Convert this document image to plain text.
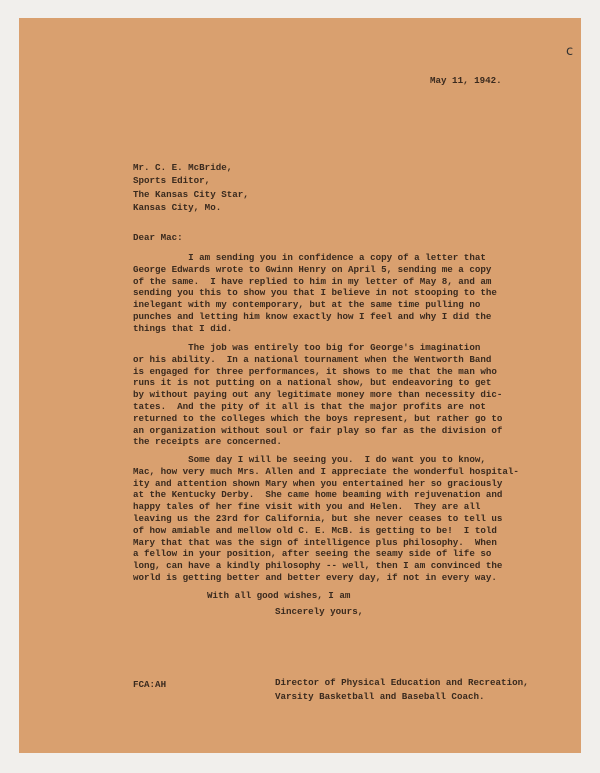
c
May 11, 1942.

Mr. C. E. McBride,
Sports Editor,
The Kansas City Star,
Kansas City, Mo.

Dear Mac:
I am sending you in confidence a copy of a letter that
George Edwards wrote to Gwinn Henry on April 5, sending me a copy
of the same.  I have replied to him in my letter of May 8, and am
sending you this to show you that I believe in not stooping to the
inelegant with my contemporary, but at the same time pulling no
punches and letting him know exactly how I feel and why I did the
things that I did.
The job was entirely too big for George's imagination
or his ability.  In a national tournament when the Wentworth Band
is engaged for three performances, it shows to me that the man who
runs it is not putting on a national show, but endeavoring to get
by without paying out any legitimate money more than necessity dic-
tates.  And the pity of it all is that the major profits are not
returned to the colleges which the boys represent, but rather go to
an organization without soul or fair play so far as the division of
the receipts are concerned.
Some day I will be seeing you.  I do want you to know,
Mac, how very much Mrs. Allen and I appreciate the wonderful hospital-
ity and attention shown Mary when you entertained her so graciously
at the Kentucky Derby.  She came home beaming with rejuvenation and
happy tales of her fine visit with you and Helen.  They are all
leaving us the 23rd for California, but she never ceases to tell us
of how amiable and mellow old C. E. McB. is getting to be!  I told
Mary that that was the sign of intelligence plus philosophy.  When
a fellow in your position, after seeing the seamy side of life so
long, can have a kindly philosophy -- well, then I am convinced the
world is getting better and better every day, if not in every way.
With all good wishes, I am
Sincerely yours,

Director of Physical Education and Recreation,
Varsity Basketball and Baseball Coach.

FCA:AH
